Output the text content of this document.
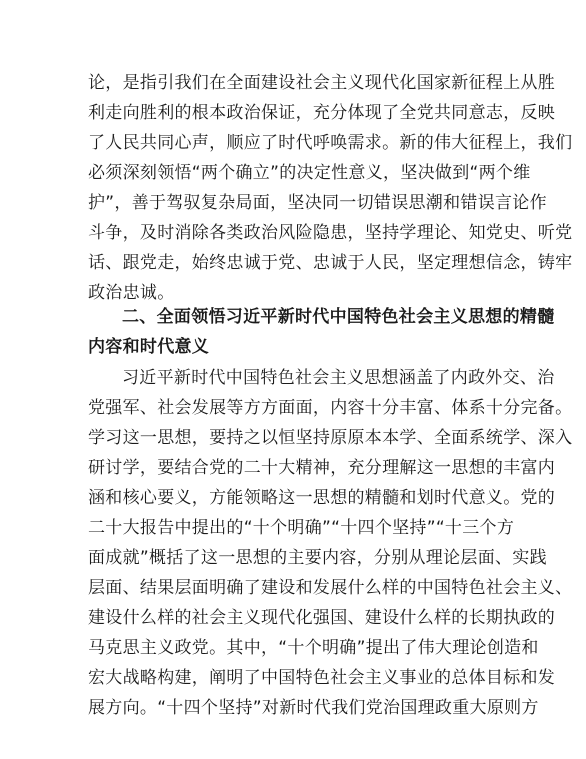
论，是指引我们在全面建设社会主义现代化国家新征程上从胜
利走向胜利的根本政治保证，充分体现了全党共同意志，反映
了人民共同心声，顺应了时代呼唤需求。新的伟大征程上，我们
必须深刻领悟“两个确立”的决定性意义，坚决做到“两个维
护”，善于驾驭复杂局面，坚决同一切错误思潮和错误言论作
斗争，及时消除各类政治风险隐患，坚持学理论、知党史、听党
话、跟党走，始终忠诚于党、忠诚于人民，坚定理想信念，铸牢
政治忠诚。
二、全面领悟习近平新时代中国特色社会主义思想的精髓
内容和时代意义
习近平新时代中国特色社会主义思想涵盖了内政外交、治
党强军、社会发展等方方面面，内容十分丰富、体系十分完备。
学习这一思想，要持之以恒坚持原原本本学、全面系统学、深入
研讨学，要结合党的二十大精神，充分理解这一思想的丰富内
涵和核心要义，方能领略这一思想的精髓和划时代意义。党的
二十大报告中提出的“十个明确”“十四个坚持”“十三个方
面成就”概括了这一思想的主要内容，分别从理论层面、实践
层面、结果层面明确了建设和发展什么样的中国特色社会主义、
建设什么样的社会主义现代化强国、建设什么样的长期执政的
马克思主义政党。其中，“十个明确”提出了伟大理论创造和
宏大战略构建，阐明了中国特色社会主义事业的总体目标和发
展方向。“十四个坚持”对新时代我们党治国理政重大原则方
